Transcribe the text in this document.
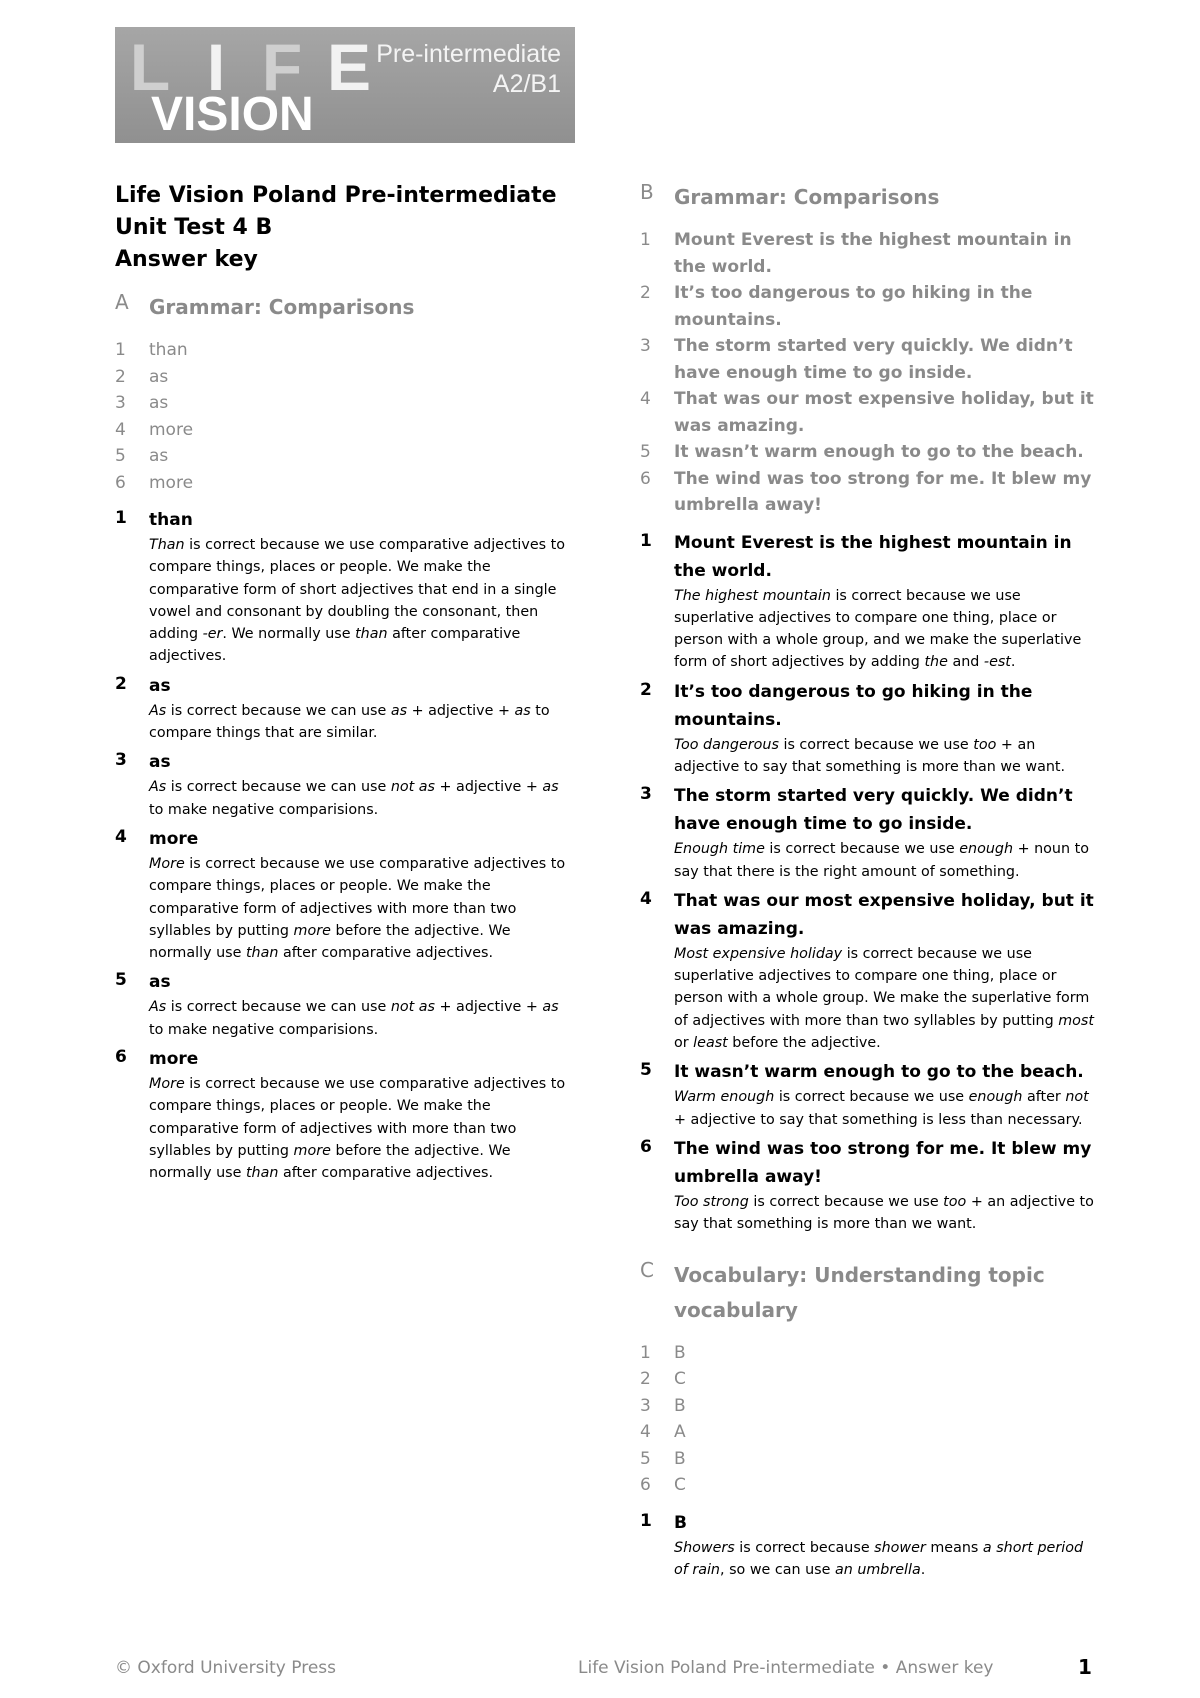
L I F E
VISION
Pre-intermediate
A2/B1
Life Vision Poland Pre-intermediate
Unit Test 4 B
Answer key
A	Grammar: Comparisons
1	than
2	as
3	as
4	more
5	as
6	more
1	than
Than is correct because we use comparative adjectives to compare things, places or people. We make the comparative form of short adjectives that end in a single vowel and consonant by doubling the consonant, then adding -er. We normally use than after comparative adjectives.
2	as
As is correct because we can use as + adjective + as to compare things that are similar.
3	as
As is correct because we can use not as + adjective + as to make negative comparisions.
4	more
More is correct because we use comparative adjectives to compare things, places or people. We make the comparative form of adjectives with more than two syllables by putting more before the adjective. We normally use than after comparative adjectives.
5	as
As is correct because we can use not as + adjective + as to make negative comparisions.
6	more
More is correct because we use comparative adjectives to compare things, places or people. We make the comparative form of adjectives with more than two syllables by putting more before the adjective. We normally use than after comparative adjectives.
B	Grammar: Comparisons
1	Mount Everest is the highest mountain in the world.
2	It’s too dangerous to go hiking in the mountains.
3	The storm started very quickly. We didn’t have enough time to go inside.
4	That was our most expensive holiday, but it was amazing.
5	It wasn’t warm enough to go to the beach.
6	The wind was too strong for me. It blew my umbrella away!
1	Mount Everest is the highest mountain in the world.
The highest mountain is correct because we use superlative adjectives to compare one thing, place or person with a whole group, and we make the superlative form of short adjectives by adding the and -est.
2	It’s too dangerous to go hiking in the mountains.
Too dangerous is correct because we use too + an adjective to say that something is more than we want.
3	The storm started very quickly. We didn’t have enough time to go inside.
Enough time is correct because we use enough + noun to say that there is the right amount of something.
4	That was our most expensive holiday, but it was amazing.
Most expensive holiday is correct because we use superlative adjectives to compare one thing, place or person with a whole group. We make the superlative form of adjectives with more than two syllables by putting most or least before the adjective.
5	It wasn’t warm enough to go to the beach.
Warm enough is correct because we use enough after not + adjective to say that something is less than necessary.
6	The wind was too strong for me. It blew my umbrella away!
Too strong is correct because we use too + an adjective to say that something is more than we want.
C	Vocabulary: Understanding topic vocabulary
1	B
2	C
3	B
4	A
5	B
6	C
1	B
Showers is correct because shower means a short period of rain, so we can use an umbrella.
© Oxford University Press	Life Vision Poland Pre-intermediate • Answer key	1
